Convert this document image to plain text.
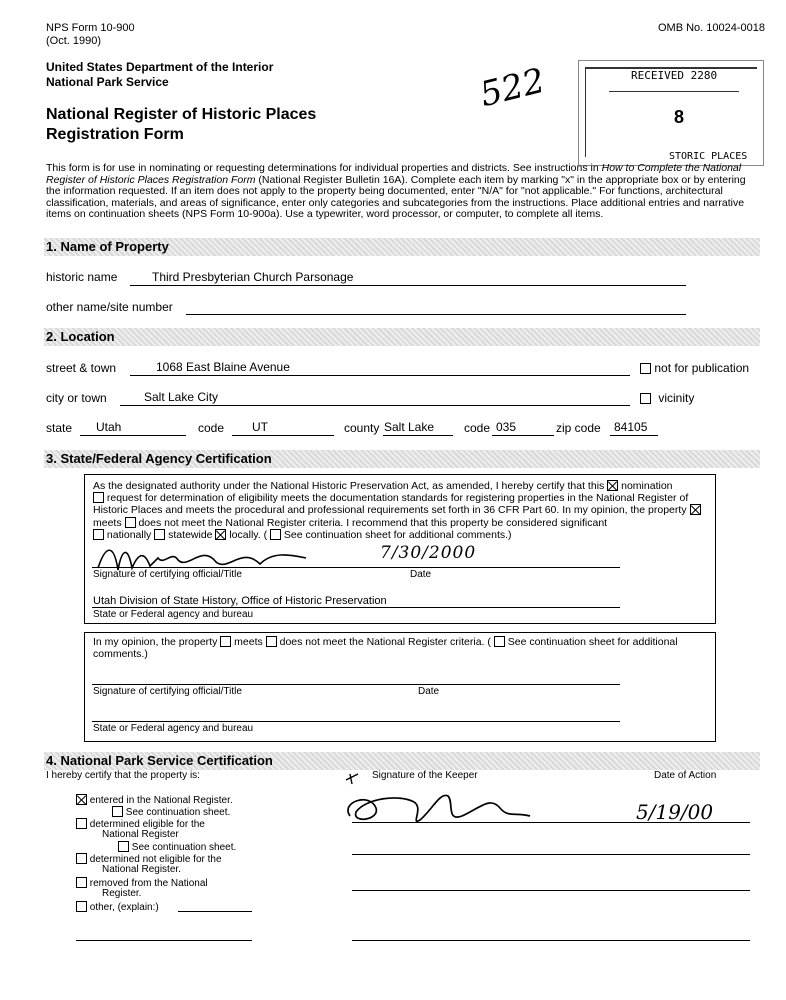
NPS Form 10-900
(Oct. 1990)
OMB No. 10024-0018
United States Department of the Interior
National Park Service
National Register of Historic Places
Registration Form
522	RECEIVED 2280
8
STORIC PLACES
This form is for use in nominating or requesting determinations for individual properties and districts. See instructions in How to Complete the National Register of Historic Places Registration Form (National Register Bulletin 16A). Complete each item by marking "x" in the appropriate box or by entering the information requested. If an item does not apply to the property being documented, enter "N/A" for "not applicable." For functions, architectural classification, materials, and areas of significance, enter only categories and subcategories from the instructions. Place additional entries and narrative items on continuation sheets (NPS Form 10-900a). Use a typewriter, word processor, or computer, to complete all items.
1. Name of Property
historic name	Third Presbyterian Church Parsonage
other name/site number
2. Location
street & town	1068 East Blaine Avenue	not for publication
city or town	Salt Lake City	vicinity
state Utah	code UT	county Salt Lake code 035	zip code 84105
3. State/Federal Agency Certification
As the designated authority under the National Historic Preservation Act, as amended, I hereby certify that this nomination
request for determination of eligibility meets the documentation standards for registering properties in the National Register of Historic Places and meets the procedural and professional requirements set forth in 36 CFR Part 60. In my opinion, the property  meets does not meet the National Register criteria. I recommend that this property be considered significant
nationally statewide locally. ( See continuation sheet for additional comments.)
7/30/2000
Signature of certifying official/Title	Date
Utah Division of State History, Office of Historic Preservation
State or Federal agency and bureau
In my opinion, the property meets does not meet the National Register criteria. ( See continuation sheet for additional comments.)
Signature of certifying official/Title	Date
State or Federal agency and bureau
4. National Park Service Certification
I hereby certify that the property is:	Signature of the Keeper	Date of Action
5/19/00
entered in the National Register.
See continuation sheet.
determined eligible for the
National Register
See continuation sheet.
determined not eligible for the
National Register.
removed from the National
Register.
other, (explain:)
